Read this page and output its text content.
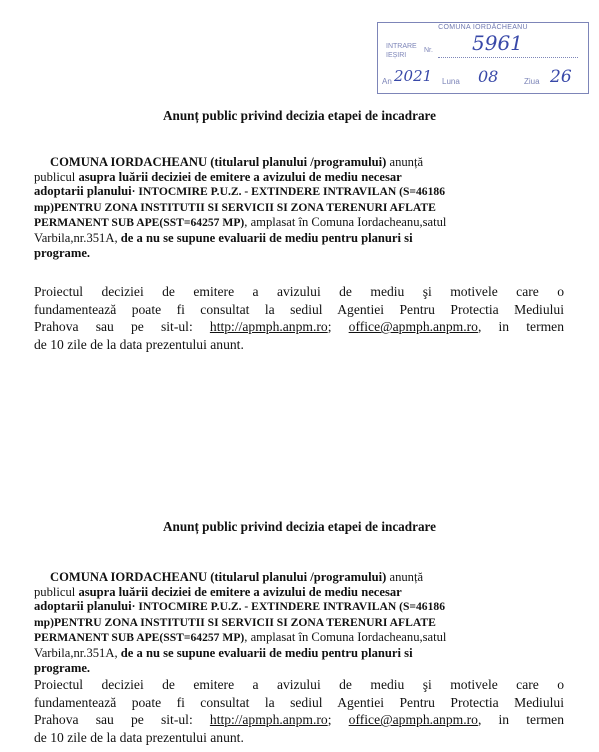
COMUNA IORDĂCHEANU
INTRARE
IEȘIRI
Nr. 5961
An 2021 Luna 08	Ziua 26
Anunț public privind decizia etapei de incadrare
COMUNA IORDACHEANU (titularul planului /programului) anunță
publicul asupra luării deciziei de emitere a avizului de mediu necesar
adoptarii planului· INTOCMIRE P.U.Z. - EXTINDERE INTRAVILAN (S=46186
mp)PENTRU ZONA INSTITUTII SI SERVICII SI ZONA TERENURI AFLATE
PERMANENT SUB APE(SST=64257 MP), amplasat în Comuna Iordacheanu,satul
Varbila,nr.351A, de a nu se supune evaluarii de mediu pentru planuri si
programe.
Proiectul deciziei de emitere a avizului de mediu şi motivele care o
fundamentează poate fi consultat la sediul Agentiei Pentru Protectia Mediului
Prahova sau pe sit-ul: http://apmph.anpm.ro; office@apmph.anpm.ro, in termen
de 10 zile de la data prezentului anunt.
Anunț public privind decizia etapei de incadrare
COMUNA IORDACHEANU (titularul planului /programului) anunță
publicul asupra luării deciziei de emitere a avizului de mediu necesar
adoptarii planului· INTOCMIRE P.U.Z. - EXTINDERE INTRAVILAN (S=46186
mp)PENTRU ZONA INSTITUTII SI SERVICII SI ZONA TERENURI AFLATE
PERMANENT SUB APE(SST=64257 MP), amplasat în Comuna Iordacheanu,satul
Varbila,nr.351A, de a nu se supune evaluarii de mediu pentru planuri si
programe.
Proiectul deciziei de emitere a avizului de mediu şi motivele care o
fundamentează poate fi consultat la sediul Agentiei Pentru Protectia Mediului
Prahova sau pe sit-ul: http://apmph.anpm.ro; office@apmph.anpm.ro, in termen
de 10 zile de la data prezentului anunt.
